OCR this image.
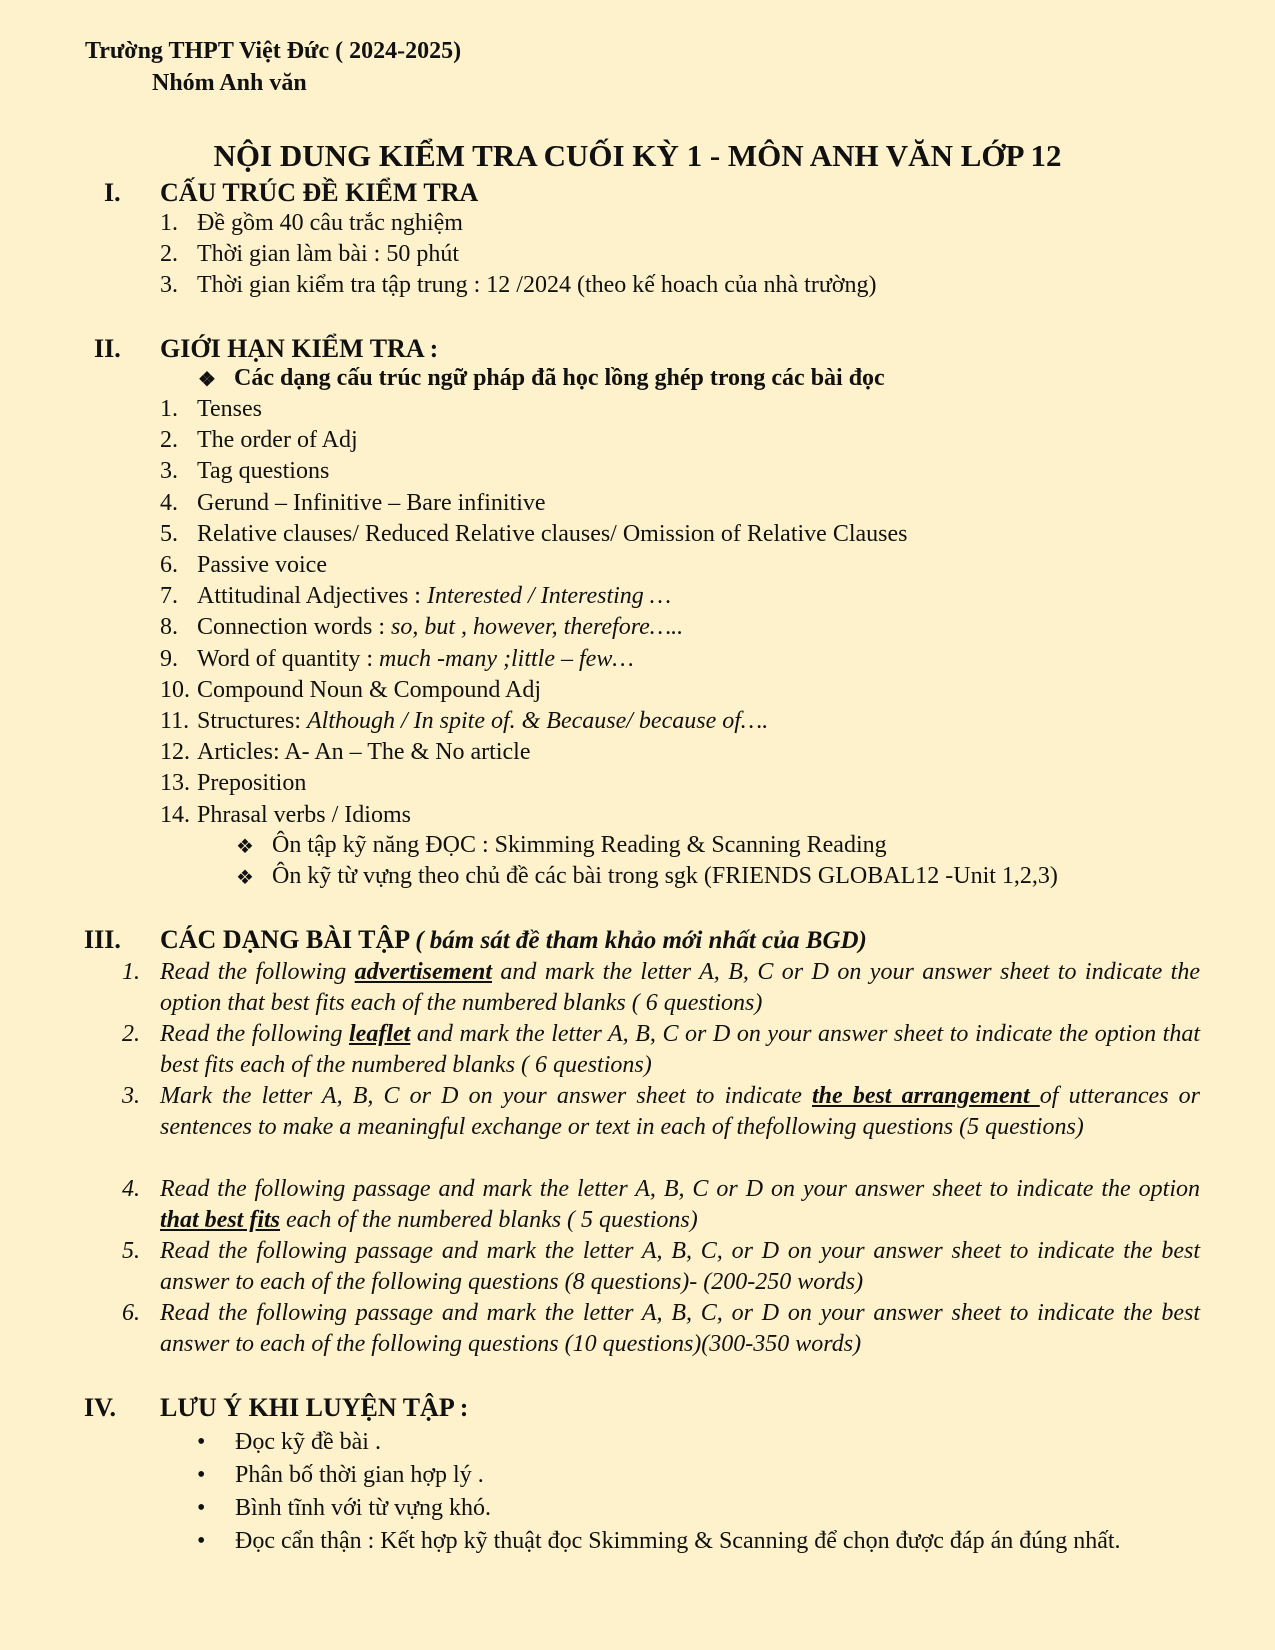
Trường THPT Việt Đức ( 2024-2025)
Nhóm Anh văn
NỘI DUNG KIỂM TRA CUỐI KỲ 1 - MÔN ANH VĂN LỚP 12
I. CẤU TRÚC ĐỀ KIỂM TRA
1. Đề gồm 40 câu trắc nghiệm
2. Thời gian làm bài : 50 phút
3. Thời gian kiểm tra tập trung : 12 /2024 (theo kế hoach của nhà trường)
II. GIỚI HẠN KIỂM TRA :
❖ Các dạng cấu trúc ngữ pháp đã học lồng ghép trong các bài đọc
1. Tenses
2. The order of Adj
3. Tag questions
4. Gerund – Infinitive – Bare infinitive
5. Relative clauses/ Reduced Relative clauses/ Omission of Relative Clauses
6. Passive voice
7. Attitudinal Adjectives : Interested / Interesting …
8. Connection words : so, but , however, therefore…..
9. Word of quantity : much -many ;little – few…
10. Compound Noun & Compound Adj
11. Structures: Although / In spite of. & Because/ because of….
12. Articles: A- An – The & No article
13. Preposition
14. Phrasal verbs / Idioms
❖ Ôn tập kỹ năng ĐỌC : Skimming Reading & Scanning Reading
❖ Ôn kỹ từ vựng theo chủ đề các bài trong sgk (FRIENDS GLOBAL12 -Unit 1,2,3)
III. CÁC DẠNG BÀI TẬP ( bám sát đề tham khảo mới nhất của BGD)
1. Read the following advertisement and mark the letter A, B, C or D on your answer sheet to indicate the option that best fits each of the numbered blanks ( 6 questions)
2. Read the following leaflet and mark the letter A, B, C or D on your answer sheet to indicate the option that best fits each of the numbered blanks ( 6 questions)
3. Mark the letter A, B, C or D on your answer sheet to indicate the best arrangement of utterances or sentences to make a meaningful exchange or text in each of thefollowing questions (5 questions)
4. Read the following passage and mark the letter A, B, C or D on your answer sheet to indicate the option that best fits each of the numbered blanks ( 5 questions)
5. Read the following passage and mark the letter A, B, C, or D on your answer sheet to indicate the best answer to each of the following questions (8 questions)- (200-250 words)
6. Read the following passage and mark the letter A, B, C, or D on your answer sheet to indicate the best answer to each of the following questions (10 questions)(300-350 words)
IV. LƯU Ý KHI LUYỆN TẬP :
• Đọc kỹ đề bài .
• Phân bố thời gian hợp lý .
• Bình tĩnh với từ vựng khó.
• Đọc cẩn thận : Kết hợp kỹ thuật đọc Skimming & Scanning để chọn được đáp án đúng nhất.
